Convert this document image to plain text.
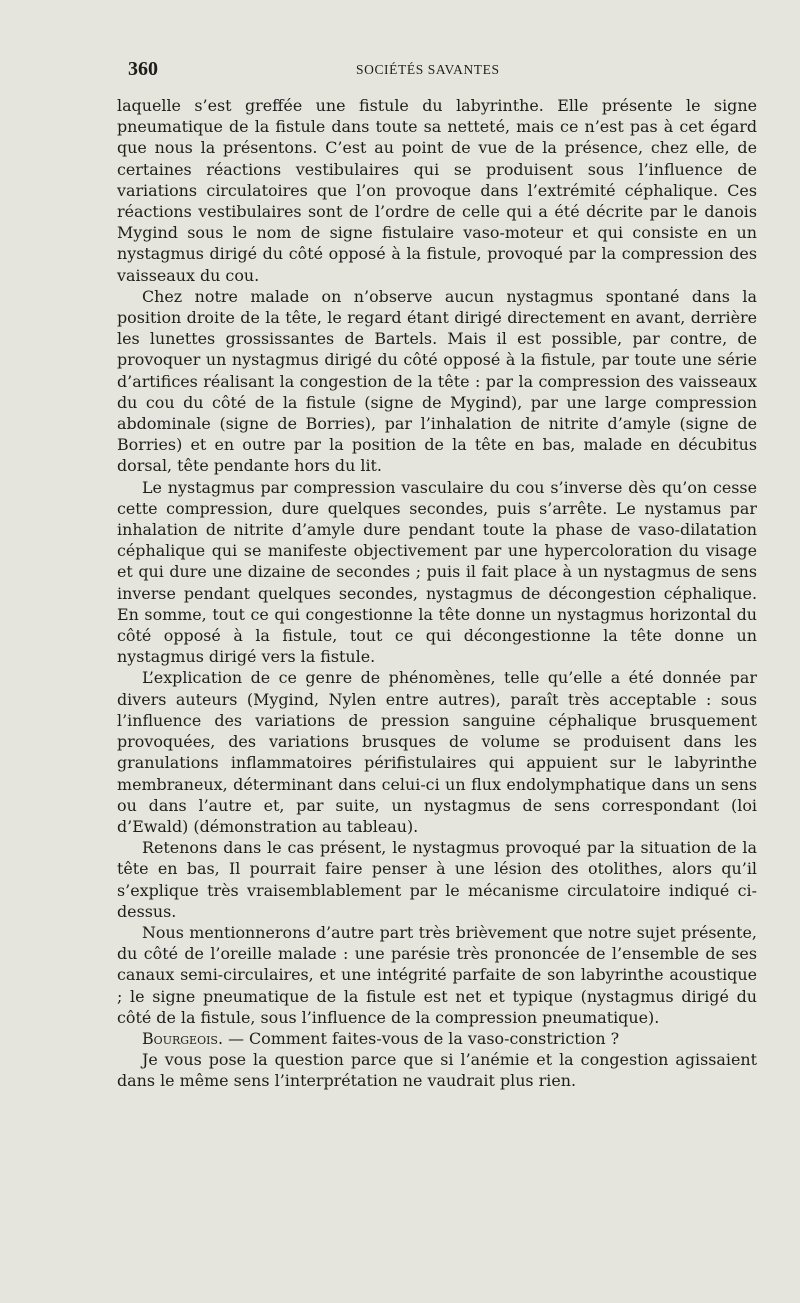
360	SOCIÉTÉS SAVANTES

laquelle s’est greffée une fistule du labyrinthe. Elle présente le signe pneumatique de la fistule dans toute sa netteté, mais ce n’est pas à cet égard que nous la présentons. C’est au point de vue de la présence, chez elle, de certaines réactions vestibulaires qui se produisent sous l’influence de variations circulatoires que l’on provoque dans l’extrémité céphalique. Ces réactions vestibulaires sont de l’ordre de celle qui a été décrite par le danois Mygind sous le nom de signe fistulaire vaso-moteur et qui consiste en un nystagmus dirigé du côté opposé à la fistule, provoqué par la compression des vaisseaux du cou.

Chez notre malade on n’observe aucun nystagmus spontané dans la position droite de la tête, le regard étant dirigé directement en avant, derrière les lunettes grossissantes de Bartels. Mais il est possible, par contre, de provoquer un nystagmus dirigé du côté opposé à la fistule, par toute une série d’artifices réalisant la congestion de la tête : par la compression des vaisseaux du cou du côté de la fistule (signe de Mygind), par une large compression abdominale (signe de Borries), par l’inhalation de nitrite d’amyle (signe de Borries) et en outre par la position de la tête en bas, malade en décubitus dorsal, tête pendante hors du lit.

Le nystagmus par compression vasculaire du cou s’inverse dès qu’on cesse cette compression, dure quelques secondes, puis s’arrête. Le nystamus par inhalation de nitrite d’amyle dure pendant toute la phase de vaso-dilatation céphalique qui se manifeste objectivement par une hypercoloration du visage et qui dure une dizaine de secondes ; puis il fait place à un nystagmus de sens inverse pendant quelques secondes, nystagmus de décongestion céphalique. En somme, tout ce qui congestionne la tête donne un nystagmus horizontal du côté opposé à la fistule, tout ce qui décongestionne la tête donne un nystagmus dirigé vers la fistule.

L’explication de ce genre de phénomènes, telle qu’elle a été donnée par divers auteurs (Mygind, Nylen entre autres), paraît très acceptable : sous l’influence des variations de pression sanguine céphalique brusquement provoquées, des variations brusques de volume se produisent dans les granulations inflammatoires périfistulaires qui appuient sur le labyrinthe membraneux, déterminant dans celui-ci un flux endolymphatique dans un sens ou dans l’autre et, par suite, un nystagmus de sens correspondant (loi d’Ewald) (démonstration au tableau).

Retenons dans le cas présent, le nystagmus provoqué par la situation de la tête en bas, Il pourrait faire penser à une lésion des otolithes, alors qu’il s’explique très vraisemblablement par le mécanisme circulatoire indiqué ci-dessus.

Nous mentionnerons d’autre part très brièvement que notre sujet présente, du côté de l’oreille malade : une parésie très prononcée de l’ensemble de ses canaux semi-circulaires, et une intégrité parfaite de son labyrinthe acoustique ; le signe pneumatique de la fistule est net et typique (nystagmus dirigé du côté de la fistule, sous l’influence de la compression pneumatique).

Bourgeois. — Comment faites-vous de la vaso-constriction ?

Je vous pose la question parce que si l’anémie et la congestion agissaient dans le même sens l’interprétation ne vaudrait plus rien.
